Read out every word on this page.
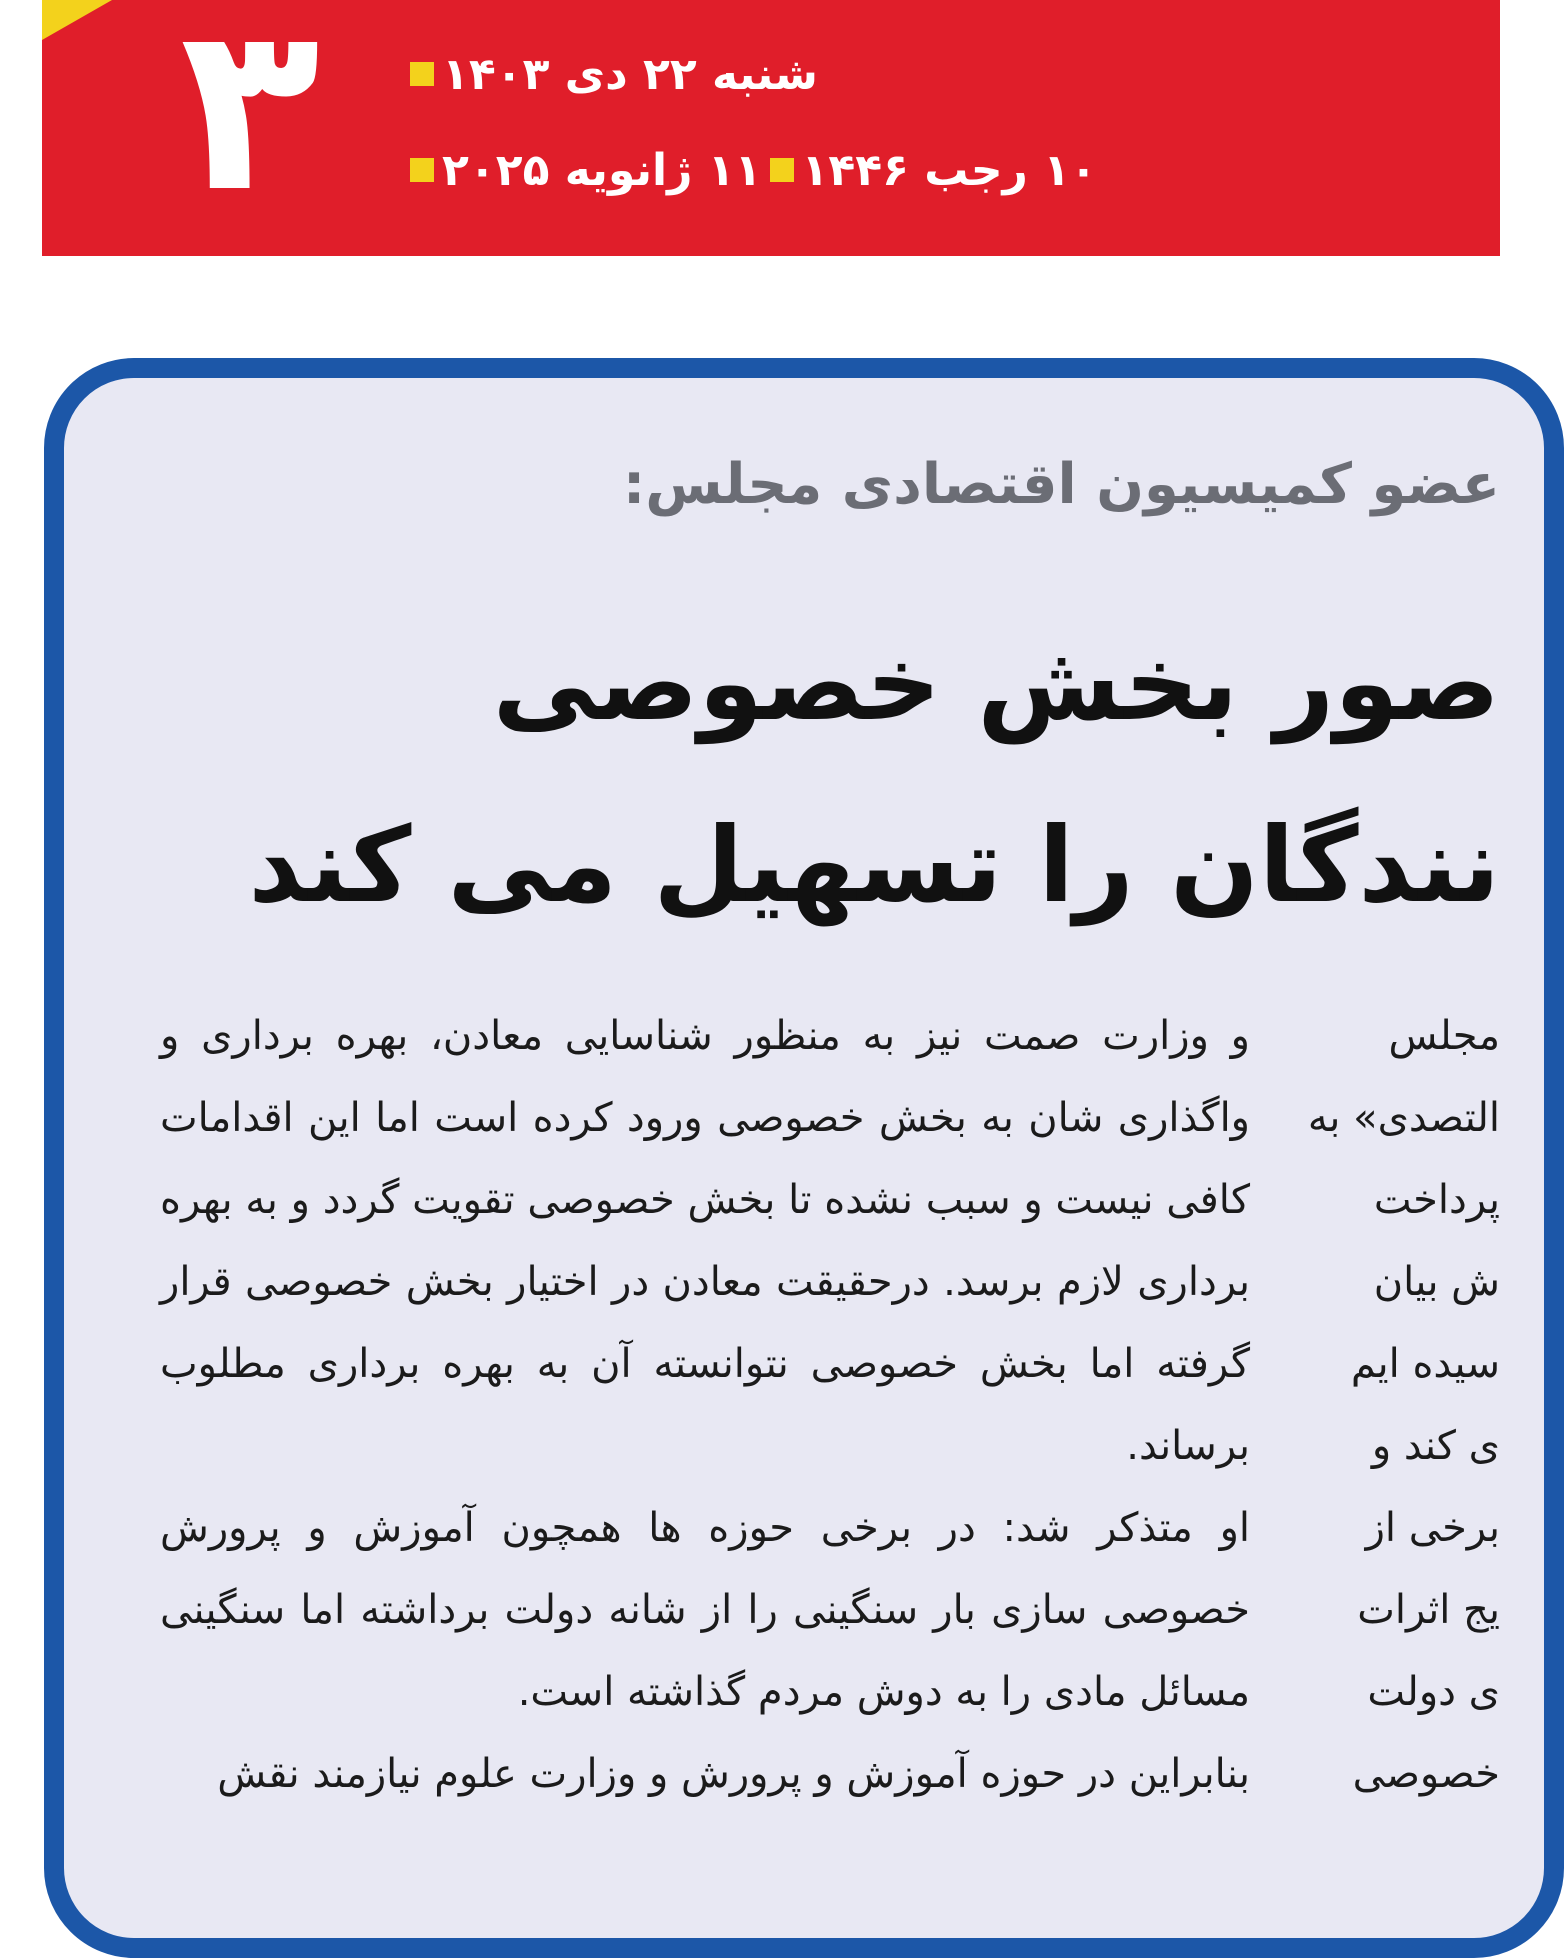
۳	شنبه ۲۲ دی ۱۴۰۳
۱۱ ژانویه ۲۰۲۵ ۱۰ رجب ۱۴۴۶
عضو کمیسیون اقتصادی مجلس:
صور بخش خصوصی
نندگان را تسهیل می کند

و وزارت صمت نیز به منظور شناسایی معادن، بهره برداری و واگذاری شان به بخش خصوصی ورود کرده است اما این اقدامات کافی نیست و سبب نشده تا بخش خصوصی تقویت گردد و به بهره برداری لازم برسد. درحقیقت معادن در اختیار بخش خصوصی قرار گرفته اما بخش خصوصی نتوانسته آن به بهره برداری مطلوب برساند.

او متذکر شد: در برخی حوزه ها همچون آموزش و پرورش خصوصی سازی بار سنگینی را از شانه دولت برداشته اما سنگینی مسائل مادی را به دوش مردم گذاشته است.

بنابراین در حوزه آموزش و پرورش و وزارت علوم نیازمند نقش

مجلس
التصدی» به
پرداخت
ش بیان
سیده ایم
ی کند و
برخی از
یج اثرات
ی دولت
خصوصی
